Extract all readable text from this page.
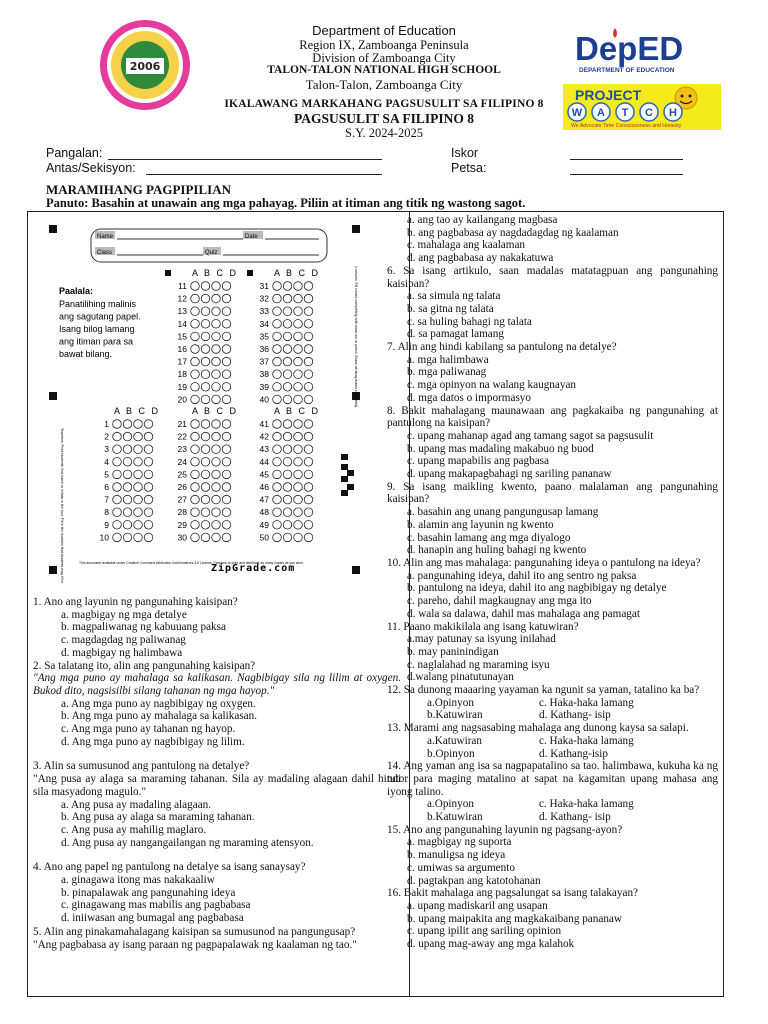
2006
Department of Education
Region IX, Zamboanga Peninsula
Division of Zamboanga City
TALON-TALON NATIONAL HIGH SCHOOL
Talon-Talon, Zamboanga City
IKALAWANG MARKAHANG PAGSUSULIT SA FILIPINO 8
PAGSUSULIT SA FILIPINO 8
S.Y. 2024-2025
DepED
DEPARTMENT OF EDUCATION
PROJECT
W A T C H
We Advocate Time Consciousness and Honesty
Pangalan:
Antas/Sekisyon:
Iskor
Petsa:
MARAMIHANG PAGPIPILIAN
Panuto: Basahin at unawain ang mga pahayag. Piliin at itiman ang titik ng wastong sagot.
Name	Date
Class	Quiz
Paalala:
Panatilihing malinis
ang sagutang papel.
Isang bilog lamang
ang itiman para sa
bawat bilang.	1 column: Fill circles completely with black ink or pencil. Erase all stray marks completely.
Teachers: Print students' first name or initials in the box. Fill in the bubbles that students may fill in.
A B C D
11
12
13
14
15
16
17
18
19
20
A B C D
31
32
33
34
35
36
37
38
39
40
A B C D
1
2
3
4
5
6
7
8
9
10
A B C D
21
22
23
24
25
26
27
28
29
30
A B C D
41
42
43
44
45
46
47
48
49
50
This document available under Creative Commons Attribution-NoDerivatives 3.0 License. Feel free to print and distribute as many copies as you wish.
ZipGrade.com

1. Ano ang layunin ng pangunahing kaisipan?

a. magbigay ng mga detalye

b. magpaliwanag ng kabuuang paksa

c. magdagdag ng paliwanag

d. magbigay ng halimbawa

2. Sa talatang ito, alin ang pangunahing kaisipan?

"Ang mga puno ay mahalaga sa kalikasan. Nagbibigay sila ng lilim at oxygen. Bukod dito, nagsisilbi silang tahanan ng mga hayop."

a. Ang mga puno ay nagbibigay ng oxygen.

b. Ang mga puno ay mahalaga sa kalikasan.

c. Ang mga puno ay tahanan ng hayop.

d. Ang mga puno ay nagbibigay ng lilim.

3. Alin sa sumusunod ang pantulong na detalye?

"Ang pusa ay alaga sa maraming tahanan. Sila ay madaling alagaan dahil hindi sila masyadong magulo."

a. Ang pusa ay madaling alagaan.

b. Ang pusa ay alaga sa maraming tahanan.

c. Ang pusa ay mahilig maglaro.

d. Ang pusa ay nangangailangan ng maraming atensyon.

4. Ano ang papel ng pantulong na detalye sa isang sanaysay?

a. ginagawa itong mas nakakaaliw

b. pinapalawak ang pangunahing ideya

c. ginagawang mas mabilis ang pagbabasa

d. iniiwasan ang bumagal ang pagbabasa

5. Alin ang pinakamahalagang kaisipan sa sumusunod na pangungusap?

"Ang pagbabasa ay isang paraan ng pagpapalawak ng kaalaman ng tao."

a. ang tao ay kailangang magbasa

b. ang pagbabasa ay nagdadagdag ng kaalaman

c. mahalaga ang kaalaman

d. ang pagbabasa ay nakakatuwa

6. Sa isang artikulo, saan madalas matatagpuan ang pangunahing kaisipan?

a. sa simula ng talata

b. sa gitna ng talata

c. sa huling bahagi ng talata

d. sa pamagat lamang

7. Alin ang hindi kabilang sa pantulong na detalye?

a. mga halimbawa

b. mga paliwanag

c. mga opinyon na walang kaugnayan

d. mga datos o impormasyo

8. Bakit mahalagang maunawaan ang pagkakaiba ng pangunahing at pantulong na kaisipan?

c. upang mahanap agad ang tamang sagot sa pagsusulit

b. upang mas madaling makabuo ng buod

c. upang mapabilis ang pagbasa

d. upang makapagbahagi ng sariling pananaw

9. Sa isang maikling kwento, paano malalaman ang pangunahing kaisipan?

a. basahin ang unang pangungusap lamang

b. alamin ang layunin ng kwento

c. basahin lamang ang mga diyalogo

d. hanapin ang huling bahagi ng kwento

10. Alin ang mas mahalaga: pangunahing ideya o pantulong na ideya?

a. pangunahing ideya, dahil ito ang sentro ng paksa

b. pantulong na ideya, dahil ito ang nagbibigay ng detalye

c. pareho, dahil magkaugnay ang mga ito

d. wala sa dalawa, dahil mas mahalaga ang pamagat

11. Paano makikilala ang isang katuwiran?

a.may patunay sa isyung inilahad

b. may paninindigan

c. naglalahad ng maraming isyu

d.walang pinatutunayan

12. Sa dunong maaaring yayaman ka ngunit sa yaman, tatalino ka ba?

a.Opinyon	c. Haka-haka lamang
b.Katuwiran	d. Kathang- isip

13. Marami ang nagsasabing mahalaga ang dunong kaysa sa salapi.

a.Katuwiran	c. Haka-haka lamang
b.Opinyon	d. Kathang-isip

14. Ang yaman ang isa sa nagpapatalino sa tao. halimbawa, kukuha ka ng tutor para maging matalino at sapat na kagamitan upang mahasa ang iyong talino.

a.Opinyon	c. Haka-haka lamang
b.Katuwiran	d. Kathang- isip

15. Ano ang pangunahing layunin ng pagsang-ayon?

a. magbigay ng suporta

b. manuligsa ng ideya

c. umiwas sa argumento

d. pagtakpan ang katotohanan

16. Bakit mahalaga ang pagsalungat sa isang talakayan?

a. upang madiskaril ang usapan

b. upang maipakita ang magkakaibang pananaw

c. upang ipilit ang sariling opinion

d. upang mag-away ang mga kalahok
